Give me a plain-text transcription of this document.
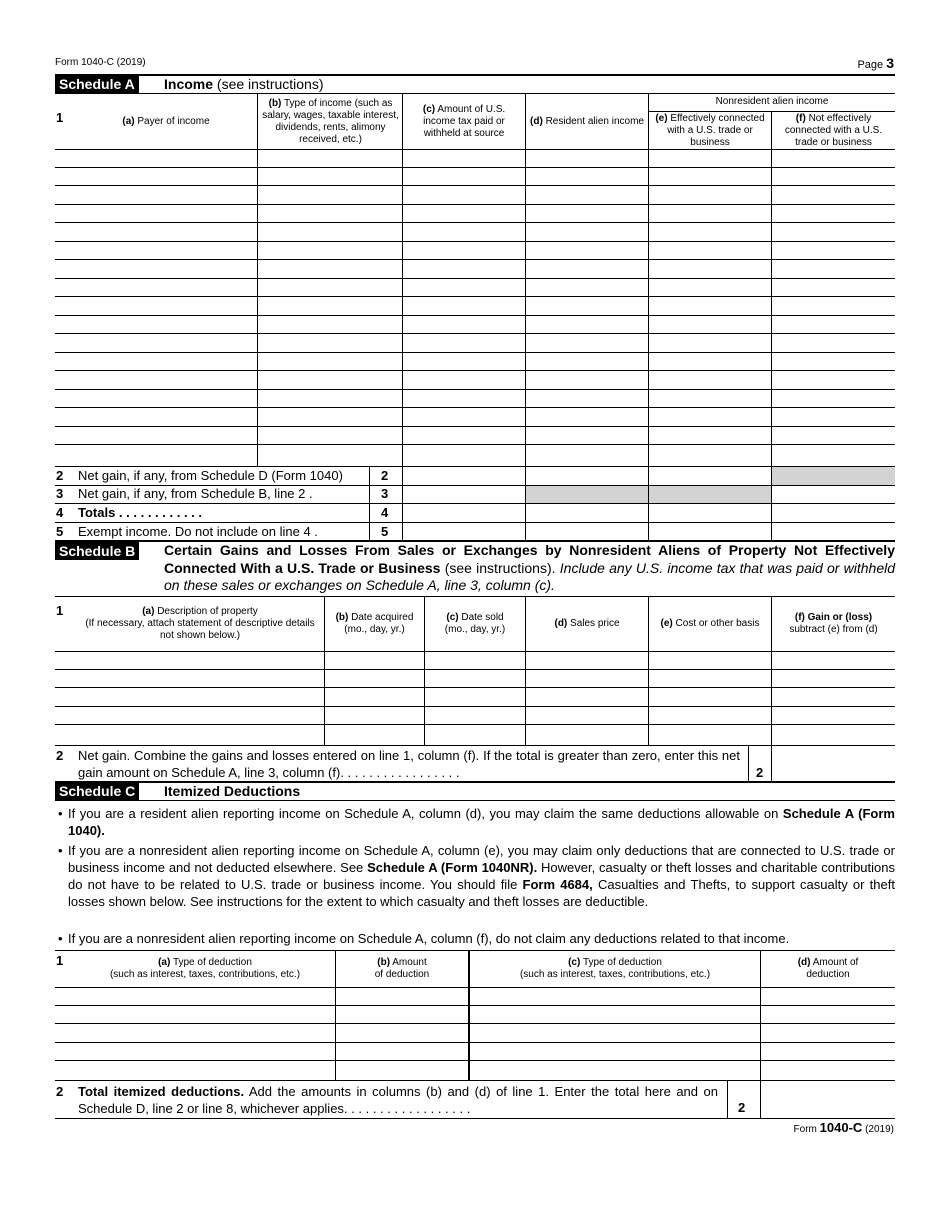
Form 1040-C (2019)	Page 3
Schedule A Income (see instructions)
1	(a) Payer of income
(b) Type of income (such as salary, wages, taxable interest, dividends, rents, alimony received, etc.)
(c) Amount of U.S. income tax paid or withheld at source
(d) Resident alien income
Nonresident alien income
(e) Effectively connected with a U.S. trade or business
(f) Not effectively connected with a U.S. trade or business
2 Net gain, if any, from Schedule D (Form 1040)	2
3 Net gain, if any, from Schedule B, line 2 .	3
4 Totals . . . . . . . . . . . .	4
5 Exempt income. Do not include on line 4 .	5
Schedule B Certain Gains and Losses From Sales or Exchanges by Nonresident Aliens of Property Not Effectively Connected With a U.S. Trade or Business (see instructions). Include any U.S. income tax that was paid or withheld on these sales or exchanges on Schedule A, line 3, column (c).
1	(a) Description of property
(If necessary, attach statement of descriptive details not shown below.)
(b) Date acquired
(mo., day, yr.)
(c) Date sold
(mo., day, yr.)
(d) Sales price	(e) Cost or other basis
(f) Gain or (loss)
subtract (e) from (d)
2 Net gain. Combine the gains and losses entered on line 1, column (f). If the total is greater than zero, enter this net gain amount on Schedule A, line 3, column (f). . . . . . . . . . . . . . . . .	2
Schedule C Itemized Deductions
• If you are a resident alien reporting income on Schedule A, column (d), you may claim the same deductions allowable on Schedule A (Form 1040).
• If you are a nonresident alien reporting income on Schedule A, column (e), you may claim only deductions that are connected to U.S. trade or business income and not deducted elsewhere. See Schedule A (Form 1040NR). However, casualty or theft losses and charitable contributions do not have to be related to U.S. trade or business income. You should file Form 4684, Casualties and Thefts, to support casualty or theft losses shown below. See instructions for the extent to which casualty and theft losses are deductible.
• If you are a nonresident alien reporting income on Schedule A, column (f), do not claim any deductions related to that income.
1	(a) Type of deduction
(such as interest, taxes, contributions, etc.)
(b) Amount
of deduction
(c) Type of deduction
(such as interest, taxes, contributions, etc.)
(d) Amount of
deduction
2 Total itemized deductions. Add the amounts in columns (b) and (d) of line 1. Enter the total here and on Schedule D, line 2 or line 8, whichever applies. . . . . . . . . . . . . . . . . .	2
Form 1040-C (2019)
